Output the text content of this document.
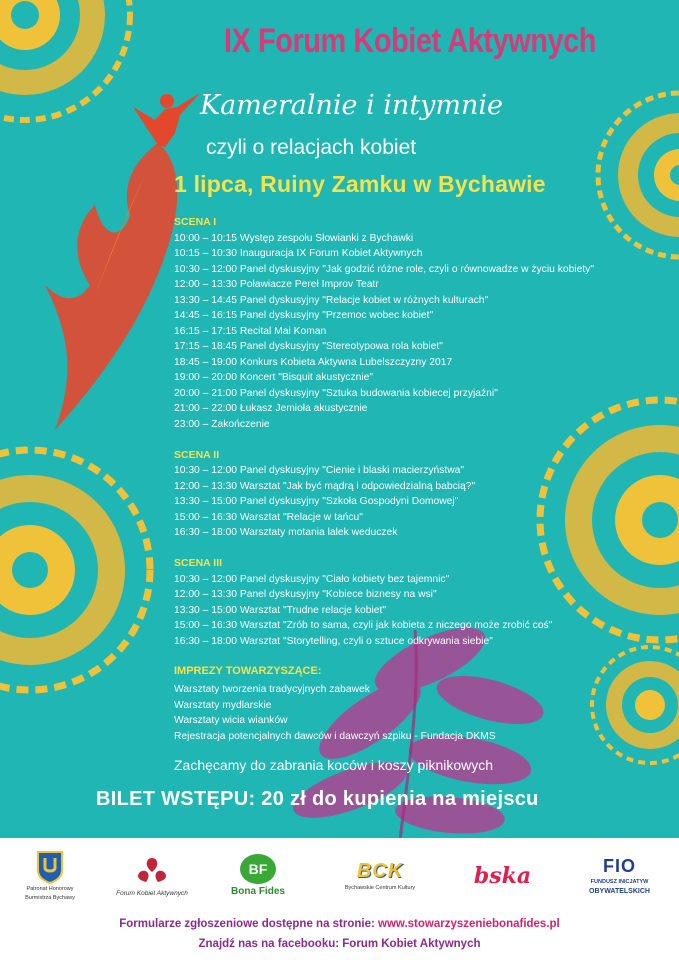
IX Forum Kobiet Aktywnych
Kameralnie i intymnie
czyli o relacjach kobiet
1 lipca, Ruiny Zamku w Bychawie
SCENA I
10:00 – 10:15 Występ zespołu Słowianki z Bychawki
10:15 – 10:30 Inauguracja IX Forum Kobiet Aktywnych
10:30 – 12:00 Panel dyskusyjny "Jak godzić różne role, czyli o równowadze w życiu kobiety"
12:00 – 13:30 Poławiacze Pereł Improv Teatr
13:30 – 14:45 Panel dyskusyjny "Relacje kobiet w różnych kulturach"
14:45 – 16:15 Panel dyskusyjny "Przemoc wobec kobiet"
16:15 – 17:15 Recital Mai Koman
17:15 – 18:45 Panel dyskusyjny "Stereotypowa rola kobiet"
18:45 – 19:00 Konkurs Kobieta Aktywna Lubelszczyzny 2017
19:00 – 20:00 Koncert "Bisquit akustycznie"
20:00 – 21:00 Panel dyskusyjny "Sztuka budowania kobiecej przyjaźni"
21:00 – 22:00 Łukasz Jemioła akustycznie
23:00 – Zakończenie
SCENA II
10:30 – 12:00 Panel dyskusyjny "Cienie i blaski macierzyństwa"
12:00 – 13:30 Warsztat "Jak być mądrą i odpowiedzialną babcią?"
13:30 – 15:00 Panel dyskusyjny "Szkoła Gospodyni Domowej"
15:00 – 16:30 Warsztat "Relacje w tańcu"
16:30 – 18:00 Warsztaty motania lalek weduczek
SCENA III
10:30 – 12:00 Panel dyskusyjny "Ciało kobiety bez tajemnic"
12:00 – 13:30 Panel dyskusyjny "Kobiece biznesy na wsi"
13:30 – 15:00 Warsztat "Trudne relacje kobiet"
15:00 – 16:30 Warsztat "Zrób to sama, czyli jak kobieta z niczego może zrobić coś"
16:30 – 18:00 Warsztat "Storytelling, czyli o sztuce odkrywania siebie"
IMPREZY TOWARZYSZĄCE:
Warsztaty tworzenia tradycyjnych zabawek
Warsztaty mydlarskie
Warsztaty wicia wianków
Rejestracja potencjalnych dawców i dawczyń szpiku - Fundacja DKMS
Zachęcamy do zabrania koców i koszy piknikowych
BILET WSTĘPU: 20 zł do kupienia na miejscu
Patronat Honorowy
Burmistrza Bychawy
Forum Kobiet Aktywnych
BF
Bona Fides
BCK
Bychawskie Centrum Kultury	bska	FIO
FUNDUSZ INICJATYW
OBYWATELSKICH
Formularze zgłoszeniowe dostępne na stronie: www.stowarzyszeniebonafides.pl
Znajdź nas na facebooku: Forum Kobiet Aktywnych
